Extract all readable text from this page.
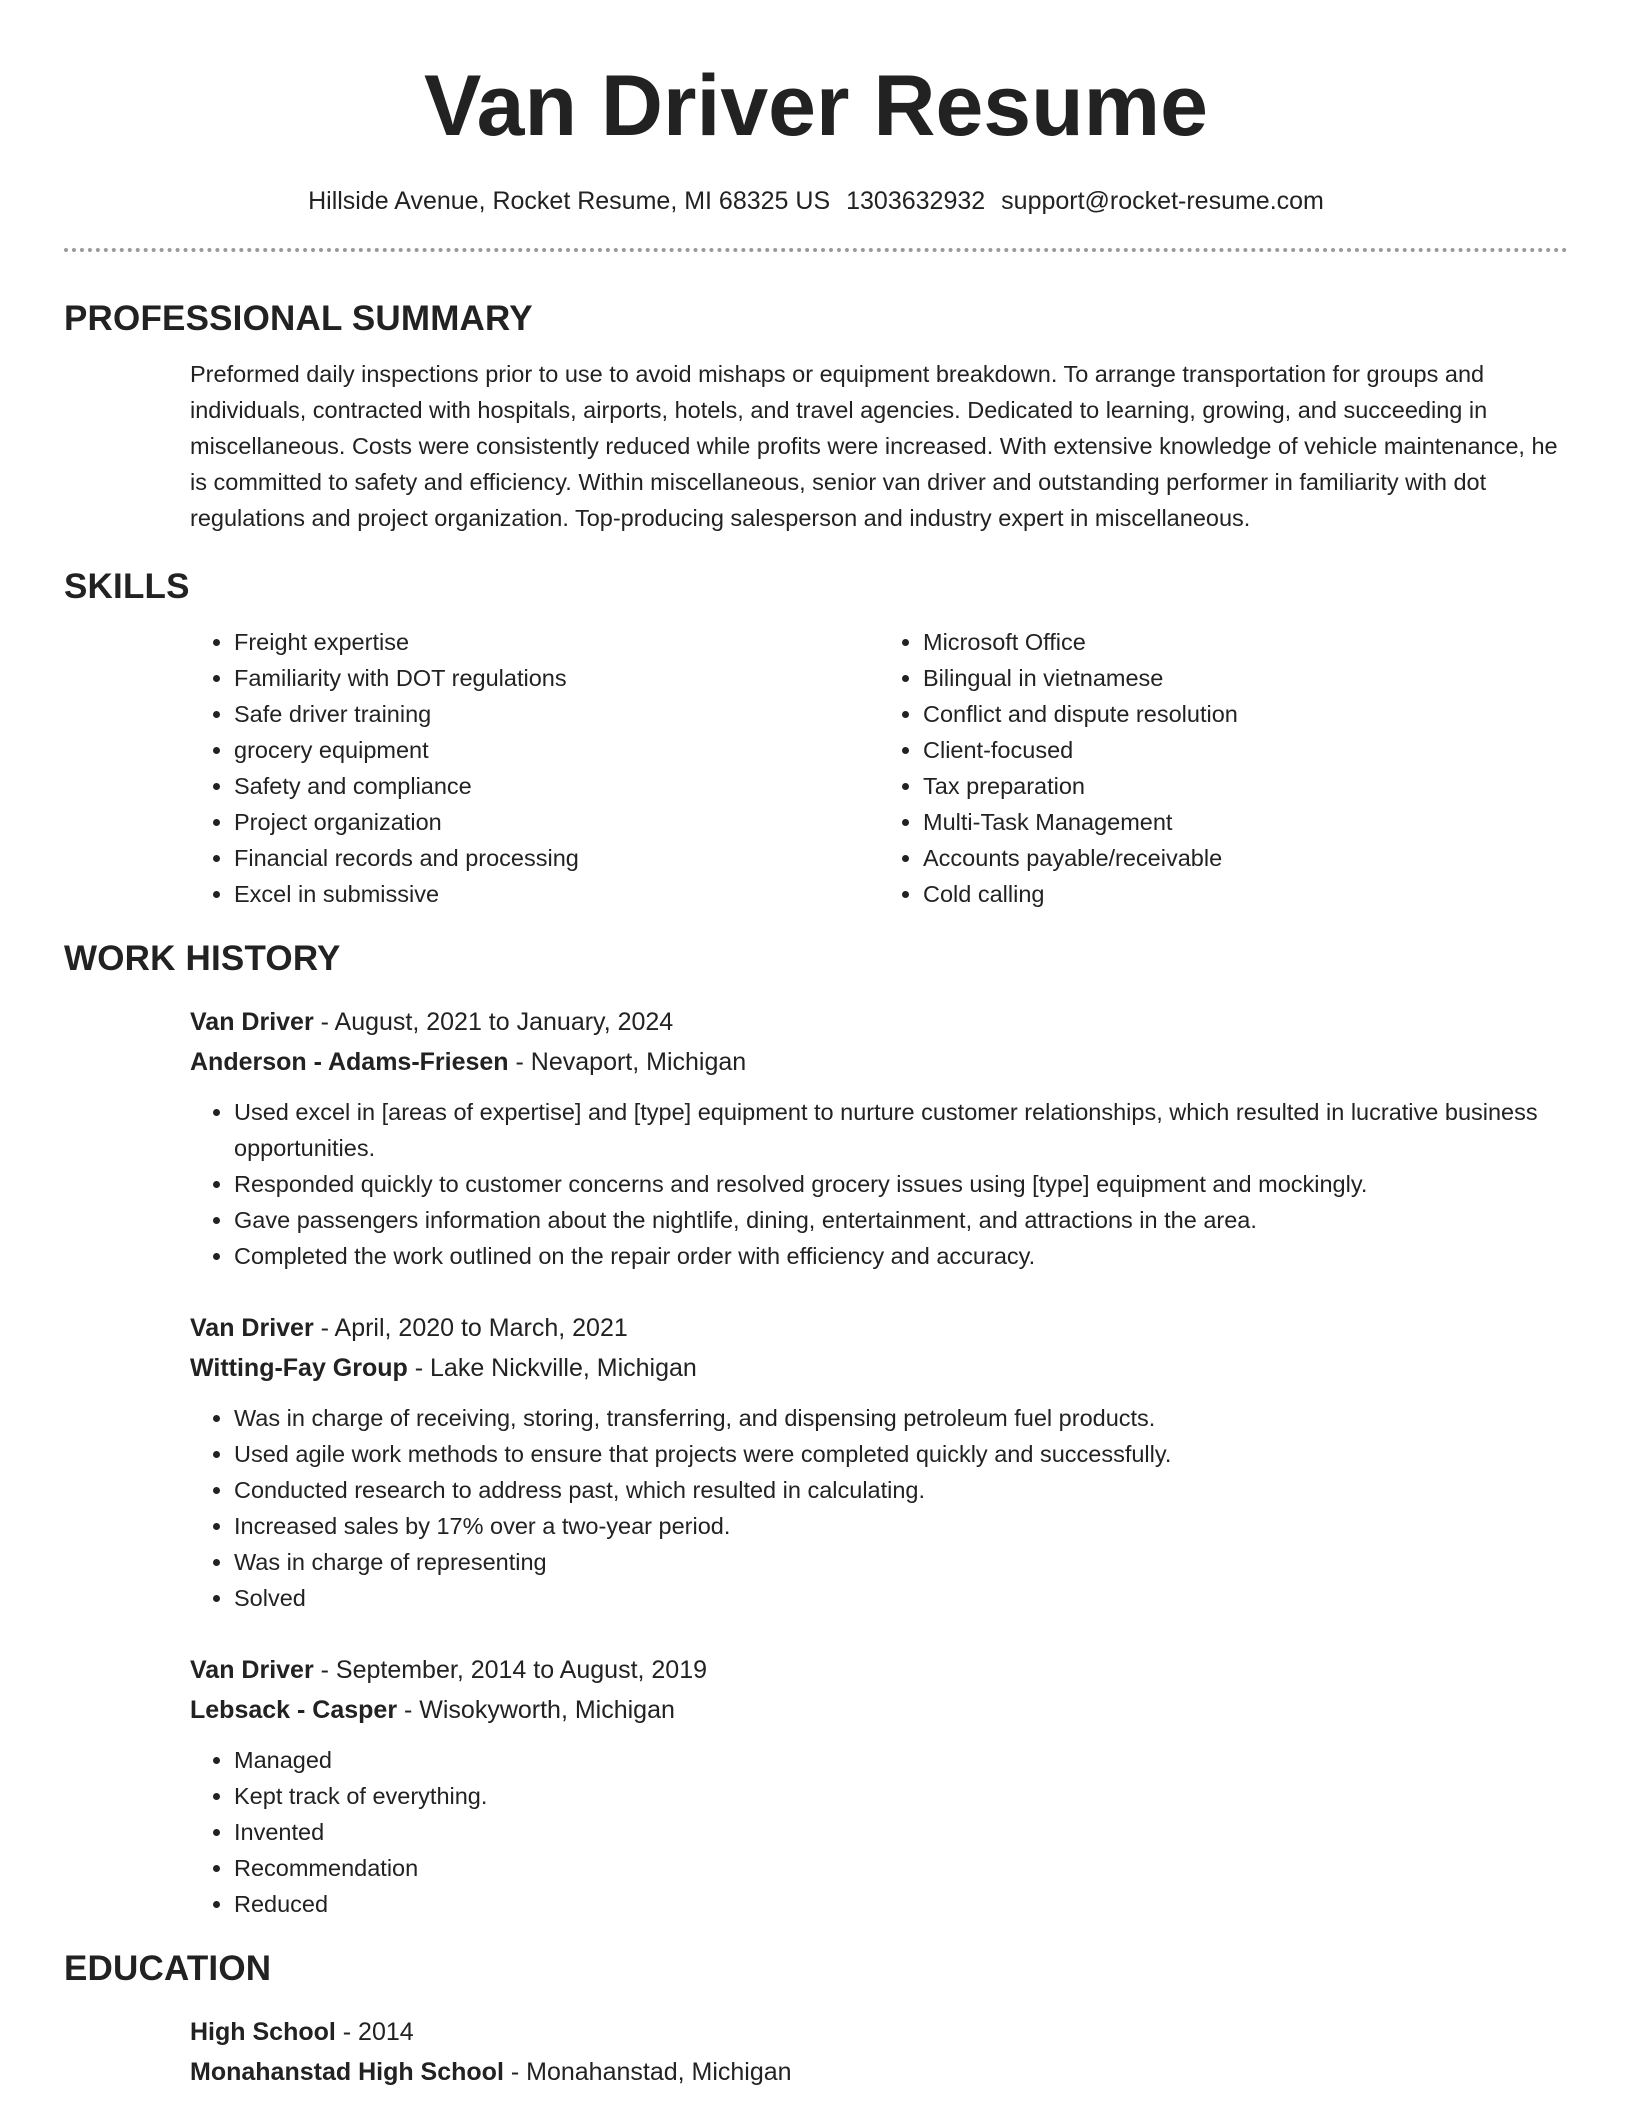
Van Driver Resume
Hillside Avenue, Rocket Resume, MI 68325 US 1303632932 support@rocket-resume.com
PROFESSIONAL SUMMARY

Preformed daily inspections prior to use to avoid mishaps or equipment breakdown. To arrange transportation for groups and individuals, contracted with hospitals, airports, hotels, and travel agencies. Dedicated to learning, growing, and succeeding in miscellaneous. Costs were consistently reduced while profits were increased. With extensive knowledge of vehicle maintenance, he is committed to safety and efficiency. Within miscellaneous, senior van driver and outstanding performer in familiarity with dot regulations and project organization. Top-producing salesperson and industry expert in miscellaneous.

SKILLS
• Freight expertise
• Familiarity with DOT regulations
• Safe driver training
• grocery equipment
• Safety and compliance
• Project organization
• Financial records and processing
• Excel in submissive
• Microsoft Office
• Bilingual in vietnamese
• Conflict and dispute resolution
• Client-focused
• Tax preparation
• Multi-Task Management
• Accounts payable/receivable
• Cold calling
WORK HISTORY
Van Driver - August, 2021 to January, 2024
Anderson - Adams-Friesen - Nevaport, Michigan
• Used excel in [areas of expertise] and [type] equipment to nurture customer relationships, which resulted in lucrative business opportunities.
• Responded quickly to customer concerns and resolved grocery issues using [type] equipment and mockingly.
• Gave passengers information about the nightlife, dining, entertainment, and attractions in the area.
• Completed the work outlined on the repair order with efficiency and accuracy.
Van Driver - April, 2020 to March, 2021
Witting-Fay Group - Lake Nickville, Michigan
• Was in charge of receiving, storing, transferring, and dispensing petroleum fuel products.
• Used agile work methods to ensure that projects were completed quickly and successfully.
• Conducted research to address past, which resulted in calculating.
• Increased sales by 17% over a two-year period.
• Was in charge of representing
• Solved
Van Driver - September, 2014 to August, 2019
Lebsack - Casper - Wisokyworth, Michigan
• Managed
• Kept track of everything.
• Invented
• Recommendation
• Reduced
EDUCATION
High School - 2014
Monahanstad High School - Monahanstad, Michigan
